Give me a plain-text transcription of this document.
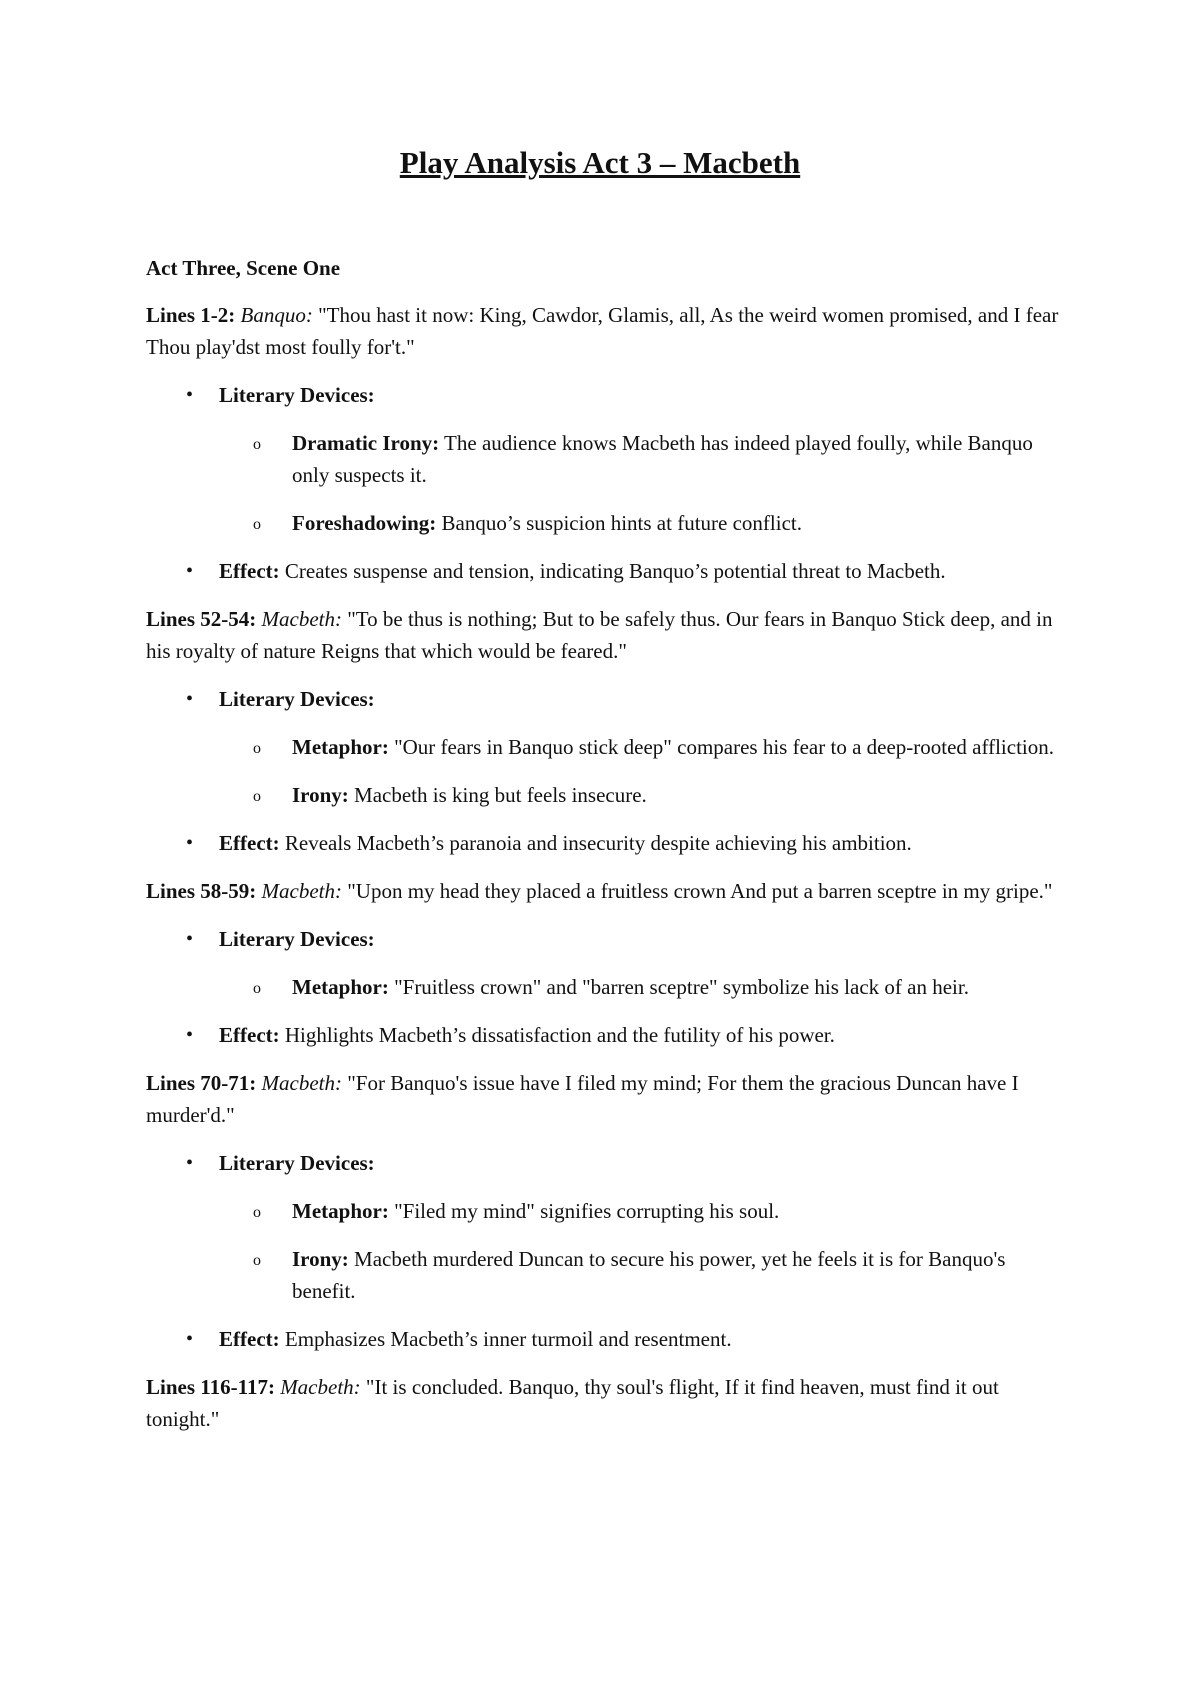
Play Analysis Act 3 – Macbeth
Act Three, Scene One

Lines 1-2: Banquo: "Thou hast it now: King, Cawdor, Glamis, all, As the weird women promised, and I fear Thou play'dst most foully for't."

• Literary Devices:
o Dramatic Irony: The audience knows Macbeth has indeed played foully, while Banquo only suspects it.
o Foreshadowing: Banquo’s suspicion hints at future conflict.
• Effect: Creates suspense and tension, indicating Banquo’s potential threat to Macbeth.

Lines 52-54: Macbeth: "To be thus is nothing; But to be safely thus. Our fears in Banquo Stick deep, and in his royalty of nature Reigns that which would be feared."

• Literary Devices:
o Metaphor: "Our fears in Banquo stick deep" compares his fear to a deep-rooted affliction.
o Irony: Macbeth is king but feels insecure.
• Effect: Reveals Macbeth’s paranoia and insecurity despite achieving his ambition.

Lines 58-59: Macbeth: "Upon my head they placed a fruitless crown And put a barren sceptre in my gripe."

• Literary Devices:
o Metaphor: "Fruitless crown" and "barren sceptre" symbolize his lack of an heir.
• Effect: Highlights Macbeth’s dissatisfaction and the futility of his power.

Lines 70-71: Macbeth: "For Banquo's issue have I filed my mind; For them the gracious Duncan have I murder'd."

• Literary Devices:
o Metaphor: "Filed my mind" signifies corrupting his soul.
o Irony: Macbeth murdered Duncan to secure his power, yet he feels it is for Banquo's benefit.
• Effect: Emphasizes Macbeth’s inner turmoil and resentment.

Lines 116-117: Macbeth: "It is concluded. Banquo, thy soul's flight, If it find heaven, must find it out tonight."
